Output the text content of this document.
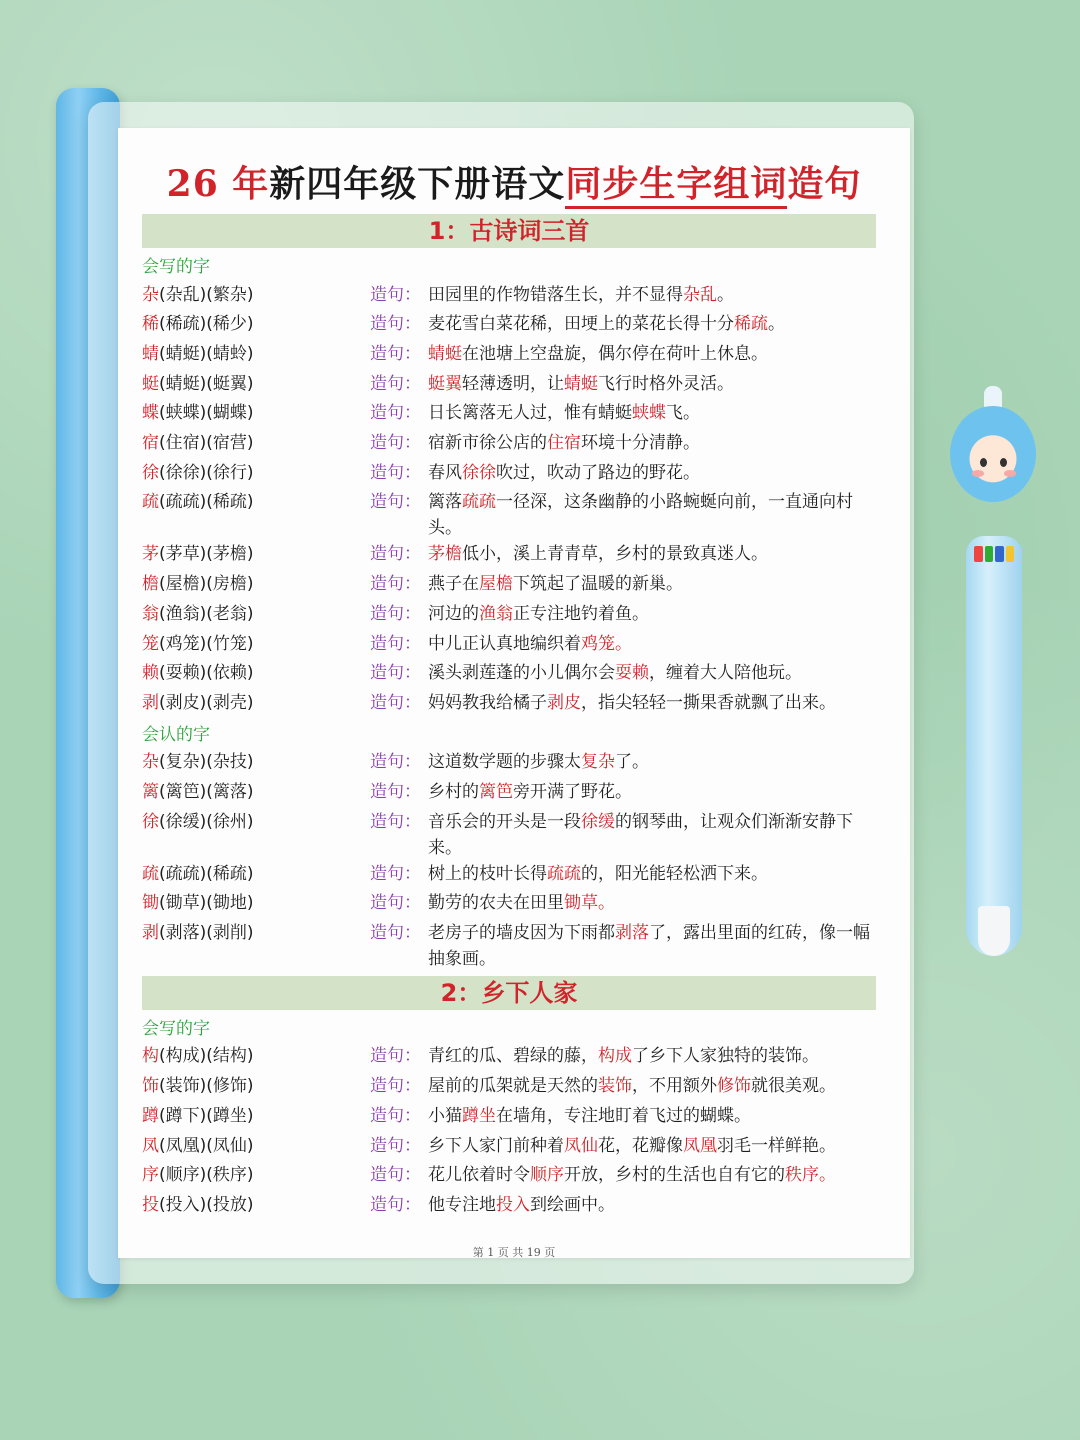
26 年新四年级下册语文同步生字组词造句
1：古诗词三首
会写的字
杂(杂乱)(繁杂)	造句： 田园里的作物错落生长，并不显得杂乱。
稀(稀疏)(稀少)	造句： 麦花雪白菜花稀，田埂上的菜花长得十分稀疏。
蜻(蜻蜓)(蜻蛉)	造句： 蜻蜓在池塘上空盘旋，偶尔停在荷叶上休息。
蜓(蜻蜓)(蜓翼)	造句： 蜓翼轻薄透明，让蜻蜓飞行时格外灵活。
蝶(蛱蝶)(蝴蝶)	造句： 日长篱落无人过，惟有蜻蜓蛱蝶飞。
宿(住宿)(宿营)	造句： 宿新市徐公店的住宿环境十分清静。
徐(徐徐)(徐行)	造句： 春风徐徐吹过，吹动了路边的野花。
疏(疏疏)(稀疏)	造句： 篱落疏疏一径深，这条幽静的小路蜿蜒向前，一直通向村头。
茅(茅草)(茅檐)	造句： 茅檐低小，溪上青青草，乡村的景致真迷人。
檐(屋檐)(房檐)	造句： 燕子在屋檐下筑起了温暖的新巢。
翁(渔翁)(老翁)	造句： 河边的渔翁正专注地钓着鱼。
笼(鸡笼)(竹笼)	造句： 中儿正认真地编织着鸡笼。
赖(耍赖)(依赖)	造句： 溪头剥莲蓬的小儿偶尔会耍赖，缠着大人陪他玩。
剥(剥皮)(剥壳)	造句： 妈妈教我给橘子剥皮，指尖轻轻一撕果香就飘了出来。
会认的字
杂(复杂)(杂技)	造句： 这道数学题的步骤太复杂了。
篱(篱笆)(篱落)	造句： 乡村的篱笆旁开满了野花。
徐(徐缓)(徐州)	造句： 音乐会的开头是一段徐缓的钢琴曲，让观众们渐渐安静下来。
疏(疏疏)(稀疏)	造句： 树上的枝叶长得疏疏的，阳光能轻松洒下来。
锄(锄草)(锄地)	造句： 勤劳的农夫在田里锄草。
剥(剥落)(剥削)	造句： 老房子的墙皮因为下雨都剥落了，露出里面的红砖，像一幅抽象画。
2：乡下人家
会写的字
构(构成)(结构)	造句： 青红的瓜、碧绿的藤，构成了乡下人家独特的装饰。
饰(装饰)(修饰)	造句： 屋前的瓜架就是天然的装饰，不用额外修饰就很美观。
蹲(蹲下)(蹲坐)	造句： 小猫蹲坐在墙角，专注地盯着飞过的蝴蝶。
凤(凤凰)(凤仙)	造句： 乡下人家门前种着凤仙花，花瓣像凤凰羽毛一样鲜艳。
序(顺序)(秩序)	造句： 花儿依着时令顺序开放，乡村的生活也自有它的秩序。
投(投入)(投放)	造句： 他专注地投入到绘画中。
第 1 页 共 19 页
